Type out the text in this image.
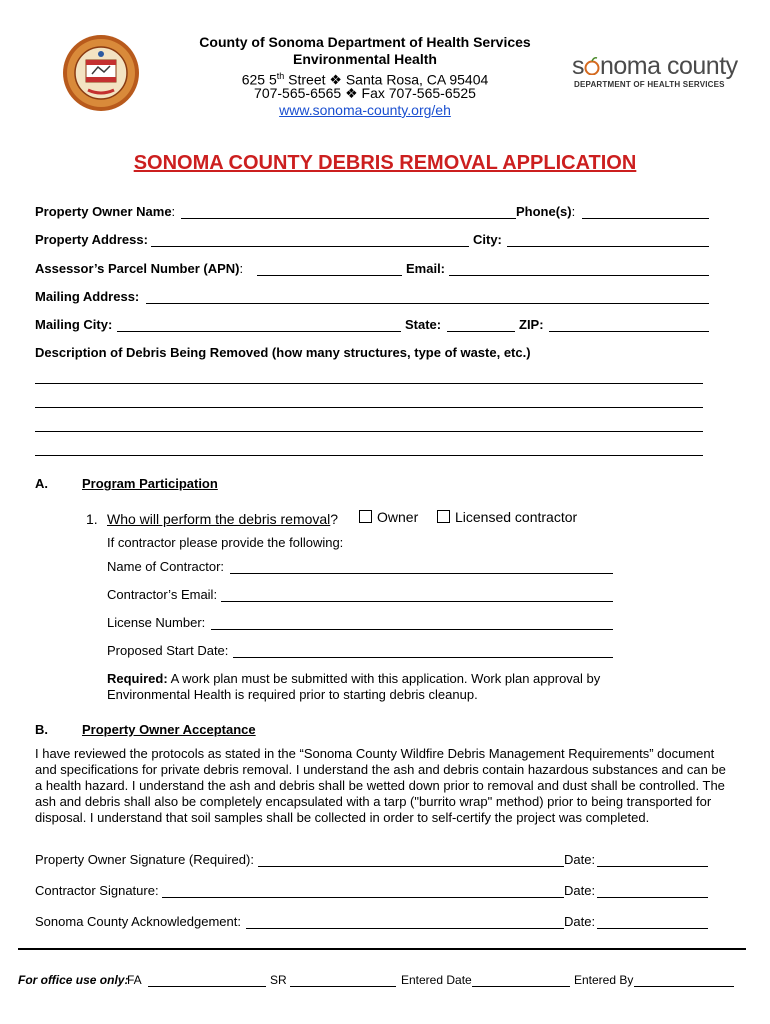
County of Sonoma Department of Health Services
Environmental Health
625 5th Street ❖ Santa Rosa, CA 95404
707-565-6565 ❖ Fax 707-565-6525
www.sonoma-county.org/eh
s noma county
DEPARTMENT OF HEALTH SERVICES
SONOMA COUNTY DEBRIS REMOVAL APPLICATION
Property Owner Name:	Phone(s):
Property Address:	City:
Assessor’s Parcel Number (APN):	Email:
Mailing Address:
Mailing City:	State:	ZIP:
Description of Debris Being Removed (how many structures, type of waste, etc.)
A.	Program Participation
1. Who will perform the debris removal?	Owner	Licensed contractor
If contractor please provide the following:
Name of Contractor:
Contractor’s Email:
License Number:
Proposed Start Date:
Required: A work plan must be submitted with this application. Work plan approval by
Environmental Health is required prior to starting debris cleanup.
B.	Property Owner Acceptance
I have reviewed the protocols as stated in the “Sonoma County Wildfire Debris Management Requirements” document
and specifications for private debris removal. I understand the ash and debris contain hazardous substances and can be
a health hazard. I understand the ash and debris shall be wetted down prior to removal and dust shall be controlled. The
ash and debris shall also be completely encapsulated with a tarp ("burrito wrap" method) prior to being transported for
disposal. I understand that soil samples shall be collected in order to self-certify the project was completed.
Property Owner Signature (Required):	Date:
Contractor Signature:	Date:
Sonoma County Acknowledgement:	Date:
For office use only:
FA	SR	Entered Date	Entered By
